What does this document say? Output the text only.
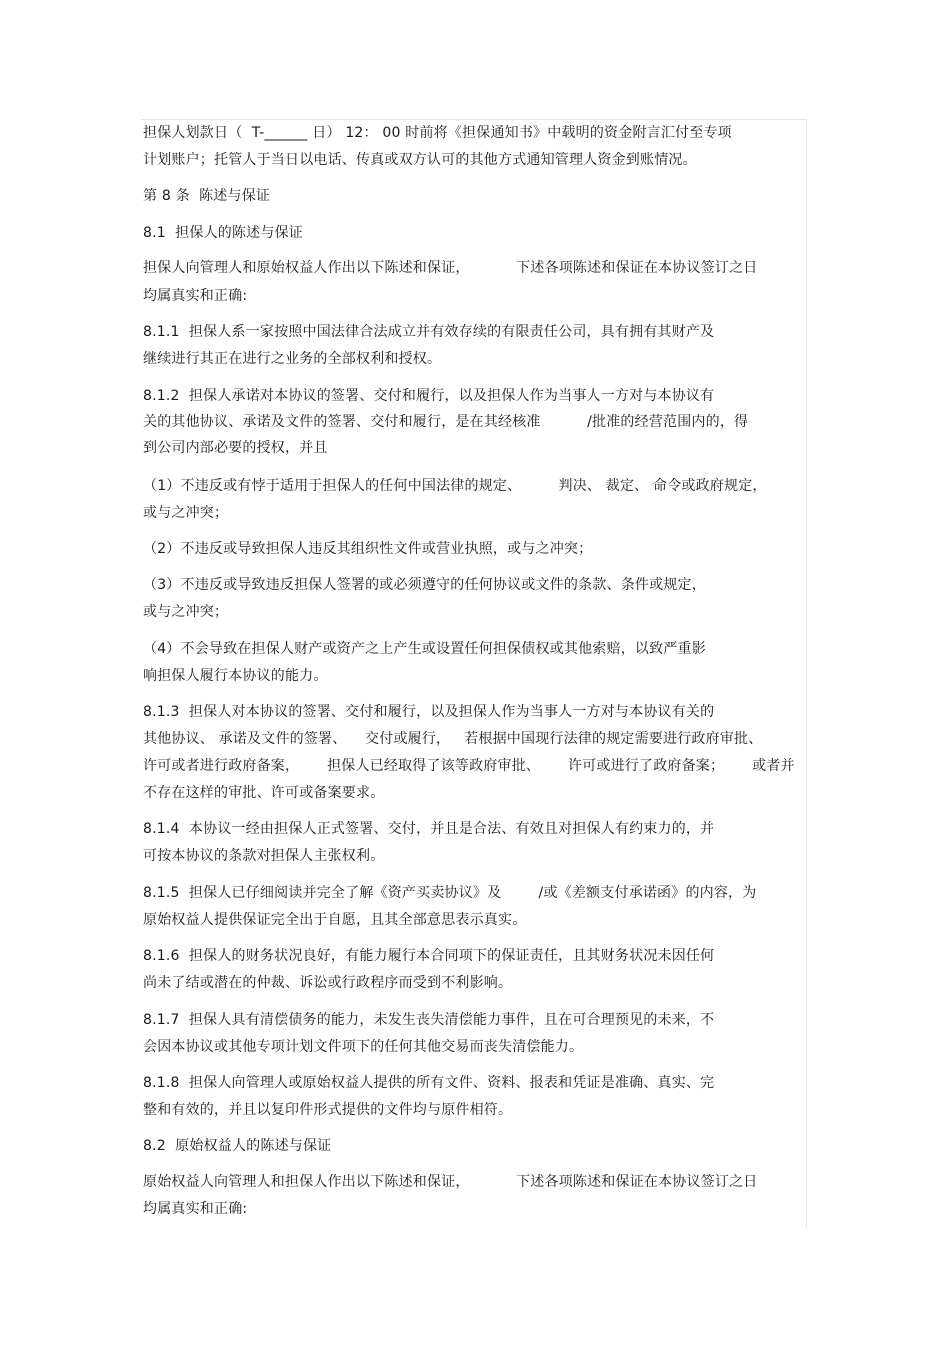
担保人划款日（  T-______ 日） 12： 00 时前将《担保通知书》中载明的资金附言汇付至专项
计划账户；托管人于当日以电话、传真或双方认可的其他方式通知管理人资金到账情况。
第 8 条  陈述与保证
8.1  担保人的陈述与保证
担保人向管理人和原始权益人作出以下陈述和保证，          下述各项陈述和保证在本协议签订之日
均属真实和正确:
8.1.1  担保人系一家按照中国法律合法成立并有效存续的有限责任公司，具有拥有其财产及
继续进行其正在进行之业务的全部权利和授权。
8.1.2  担保人承诺对本协议的签署、交付和履行，以及担保人作为当事人一方对与本协议有
关的其他协议、承诺及文件的签署、交付和履行，是在其经核准          /批准的经营范围内的，得
到公司内部必要的授权，并且
（1）不违反或有悖于适用于担保人的任何中国法律的规定、        判决、 裁定、 命令或政府规定，
或与之冲突；
（2）不违反或导致担保人违反其组织性文件或营业执照，或与之冲突；
（3）不违反或导致违反担保人签署的或必须遵守的任何协议或文件的条款、条件或规定，
或与之冲突；
（4）不会导致在担保人财产或资产之上产生或设置任何担保债权或其他索赔，以致严重影
响担保人履行本协议的能力。
8.1.3  担保人对本协议的签署、交付和履行，以及担保人作为当事人一方对与本协议有关的
其他协议、 承诺及文件的签署、    交付或履行，   若根据中国现行法律的规定需要进行政府审批、
许可或者进行政府备案，      担保人已经取得了该等政府审批、      许可或进行了政府备案；      或者并
不存在这样的审批、许可或备案要求。
8.1.4  本协议一经由担保人正式签署、交付，并且是合法、有效且对担保人有约束力的，并
可按本协议的条款对担保人主张权利。
8.1.5  担保人已仔细阅读并完全了解《资产买卖协议》及        /或《差额支付承诺函》的内容，为
原始权益人提供保证完全出于自愿，且其全部意思表示真实。
8.1.6  担保人的财务状况良好，有能力履行本合同项下的保证责任，且其财务状况未因任何
尚未了结或潜在的仲裁、诉讼或行政程序而受到不利影响。
8.1.7  担保人具有清偿债务的能力，未发生丧失清偿能力事件，且在可合理预见的未来，不
会因本协议或其他专项计划文件项下的任何其他交易而丧失清偿能力。
8.1.8  担保人向管理人或原始权益人提供的所有文件、资料、报表和凭证是准确、真实、完
整和有效的，并且以复印件形式提供的文件均与原件相符。
8.2  原始权益人的陈述与保证
原始权益人向管理人和担保人作出以下陈述和保证，          下述各项陈述和保证在本协议签订之日
均属真实和正确:
